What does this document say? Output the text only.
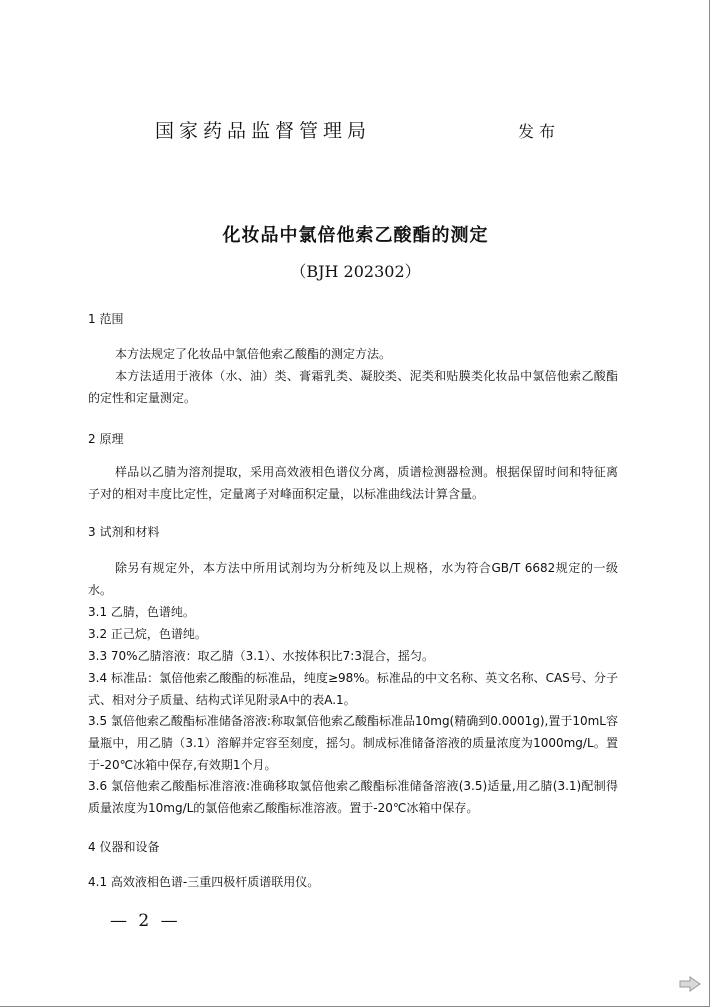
国家药品监督管理局	发布
化妆品中氯倍他索乙酸酯的测定
（BJH 202302）
1 范围
本方法规定了化妆品中氯倍他索乙酸酯的测定方法。
本方法适用于液体（水、油）类、膏霜乳类、凝胶类、泥类和贴膜类化妆品中氯倍他索乙酸酯的定性和定量测定。
2 原理
样品以乙腈为溶剂提取，采用高效液相色谱仪分离，质谱检测器检测。根据保留时间和特征离子对的相对丰度比定性，定量离子对峰面积定量，以标准曲线法计算含量。
3 试剂和材料
除另有规定外，本方法中所用试剂均为分析纯及以上规格，水为符合GB/T 6682规定的一级水。
3.1 乙腈，色谱纯。
3.2 正己烷，色谱纯。
3.3 70%乙腈溶液：取乙腈（3.1）、水按体积比7:3混合，摇匀。
3.4 标准品：氯倍他索乙酸酯的标准品，纯度≥98%。标准品的中文名称、英文名称、CAS号、分子式、相对分子质量、结构式详见附录A中的表A.1。
3.5 氯倍他索乙酸酯标准储备溶液:称取氯倍他索乙酸酯标准品10mg(精确到0.0001g),置于10mL容量瓶中，用乙腈（3.1）溶解并定容至刻度，摇匀。制成标准储备溶液的质量浓度为1000mg/L。置于-20℃冰箱中保存,有效期1个月。
3.6 氯倍他索乙酸酯标准溶液:准确移取氯倍他索乙酸酯标准储备溶液(3.5)适量,用乙腈(3.1)配制得质量浓度为10mg/L的氯倍他索乙酸酯标准溶液。置于-20℃冰箱中保存。
4 仪器和设备
4.1 高效液相色谱-三重四极杆质谱联用仪。
— 2 —
